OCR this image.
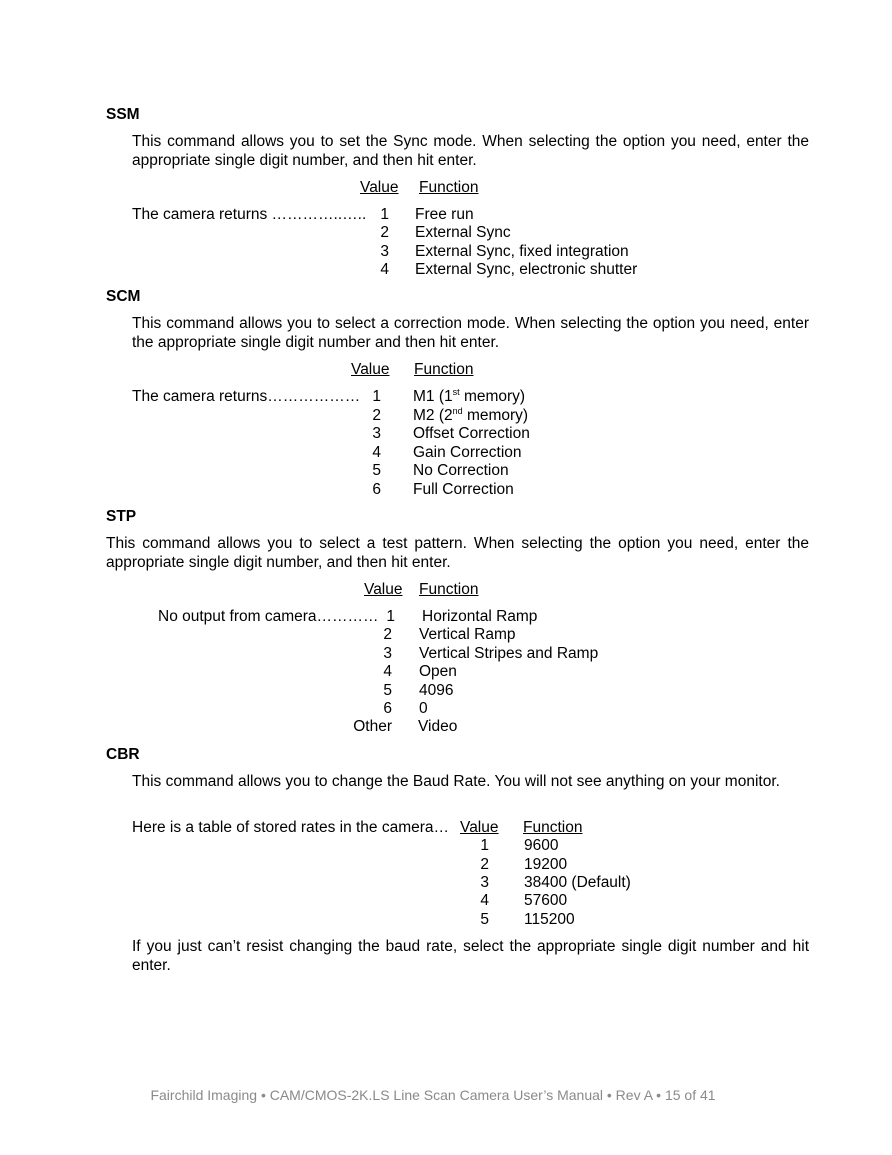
SSM
This command allows you to set the Sync mode. When selecting the option you need, enter the appropriate single digit number, and then hit enter.
Value Function
The camera returns …………..….. 1 Free run
2 External Sync
3 External Sync, fixed integration
4 External Sync, electronic shutter
SCM
This command allows you to select a correction mode. When selecting the option you need, enter the appropriate single digit number and then hit enter.
Value Function
The camera returns……………… 1 M1 (1st memory)
2 M2 (2nd memory)
3 Offset Correction
4 Gain Correction
5 No Correction
6 Full Correction
STP
This command allows you to select a test pattern. When selecting the option you need, enter the appropriate single digit number, and then hit enter.
Value Function
No output from camera………… 1 Horizontal Ramp
2 Vertical Ramp
3 Vertical Stripes and Ramp
4 Open
5 4096
6 0
Other Video
CBR
This command allows you to change the Baud Rate. You will not see anything on your monitor.
Here is a table of stored rates in the camera… Value Function
1 9600
2 19200
3 38400 (Default)
4 57600
5 115200
If you just can’t resist changing the baud rate, select the appropriate single digit number and hit enter.
Fairchild Imaging • CAM/CMOS-2K.LS Line Scan Camera User’s Manual • Rev A • 15 of 41
